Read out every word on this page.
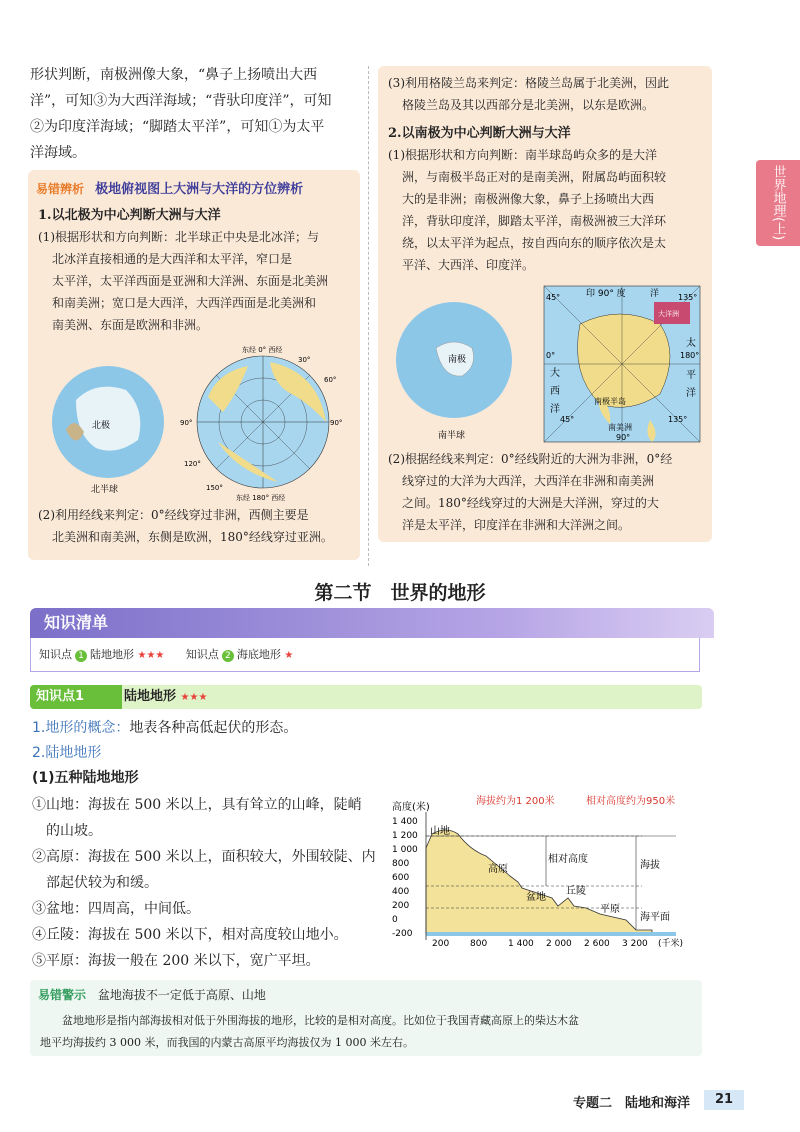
世界地理(上)
形状判断，南极洲像大象，“鼻子上扬喷出大西
洋”，可知③为大西洋海域；“背驮印度洋”，可知
②为印度洋海域；“脚踏太平洋”，可知①为太平
洋海域。
易错辨析 极地俯视图上大洲与大洋的方位辨析
1.以北极为中心判断大洲与大洋
(1)根据形状和方向判断：北半球正中央是北冰洋；与
北冰洋直接相通的是大西洋和太平洋，窄口是
太平洋，太平洋西面是亚洲和大洋洲、东面是北美洲
和南美洲；宽口是大西洋，大西洋西面是北美洲和
南美洲、东面是欧洲和非洲。
北极
北半球
东经 0° 西经
东经 180° 西经
90°	90°
120°
150°
60°
30°
(2)利用经线来判定：0°经线穿过非洲，西侧主要是
北美洲和南美洲，东侧是欧洲，180°经线穿过亚洲。
(3)利用格陵兰岛来判定：格陵兰岛属于北美洲，因此
格陵兰岛及其以西部分是北美洲，以东是欧洲。
2.以南极为中心判断大洲与大洋
(1)根据形状和方向判断：南半球岛屿众多的是大洋
洲，与南极半岛正对的是南美洲，附属岛屿面积较
大的是非洲；南极洲像大象，鼻子上扬喷出大西
洋，背驮印度洋，脚踏太平洋，南极洲被三大洋环
绕，以太平洋为起点，按自西向东的顺序依次是太
平洋、大西洋、印度洋。
南极
南半球
印 90° 度	洋
45°	135°
0°	180°
大
西
洋
太
平
洋
45°	135°
南极半岛
南美洲
90°
大洋洲
(2)根据经线来判定：0°经线附近的大洲为非洲，0°经
线穿过的大洋为大西洋，大西洋在非洲和南美洲
之间。180°经线穿过的大洲是大洋洲，穿过的大
洋是太平洋，印度洋在非洲和大洋洲之间。
第二节　世界的地形
知识清单
知识点 1 陆地地形 ★★★ 知识点 2 海底地形 ★
知识点1	陆地地形 ★★★
1.地形的概念：地表各种高低起伏的形态。
2.陆地地形
(1)五种陆地地形
①山地：海拔在 500 米以上，具有耸立的山峰，陡峭
　的山坡。
②高原：海拔在 500 米以上，面积较大，外围较陡、内
　部起伏较为和缓。
③盆地：四周高，中间低。
④丘陵：海拔在 500 米以下，相对高度较山地小。
⑤平原：海拔一般在 200 米以下，宽广平坦。
高度(米)
海拔约为1 200米	相对高度约为950米
1 400
1 200
1 000
800
600
400
200
0
-200
200 800 1 400 2 000 2 600 3 200 (千米)
山地
高原
相对高度
海拔
盆地
丘陵
平原
海平面
易错警示 盆地海拔不一定低于高原、山地
盆地地形是指内部海拔相对低于外围海拔的地形，比较的是相对高度。比如位于我国青藏高原上的柴达木盆
地平均海拔约 3 000 米，而我国的内蒙古高原平均海拔仅为 1 000 米左右。
专题二　陆地和海洋	21
